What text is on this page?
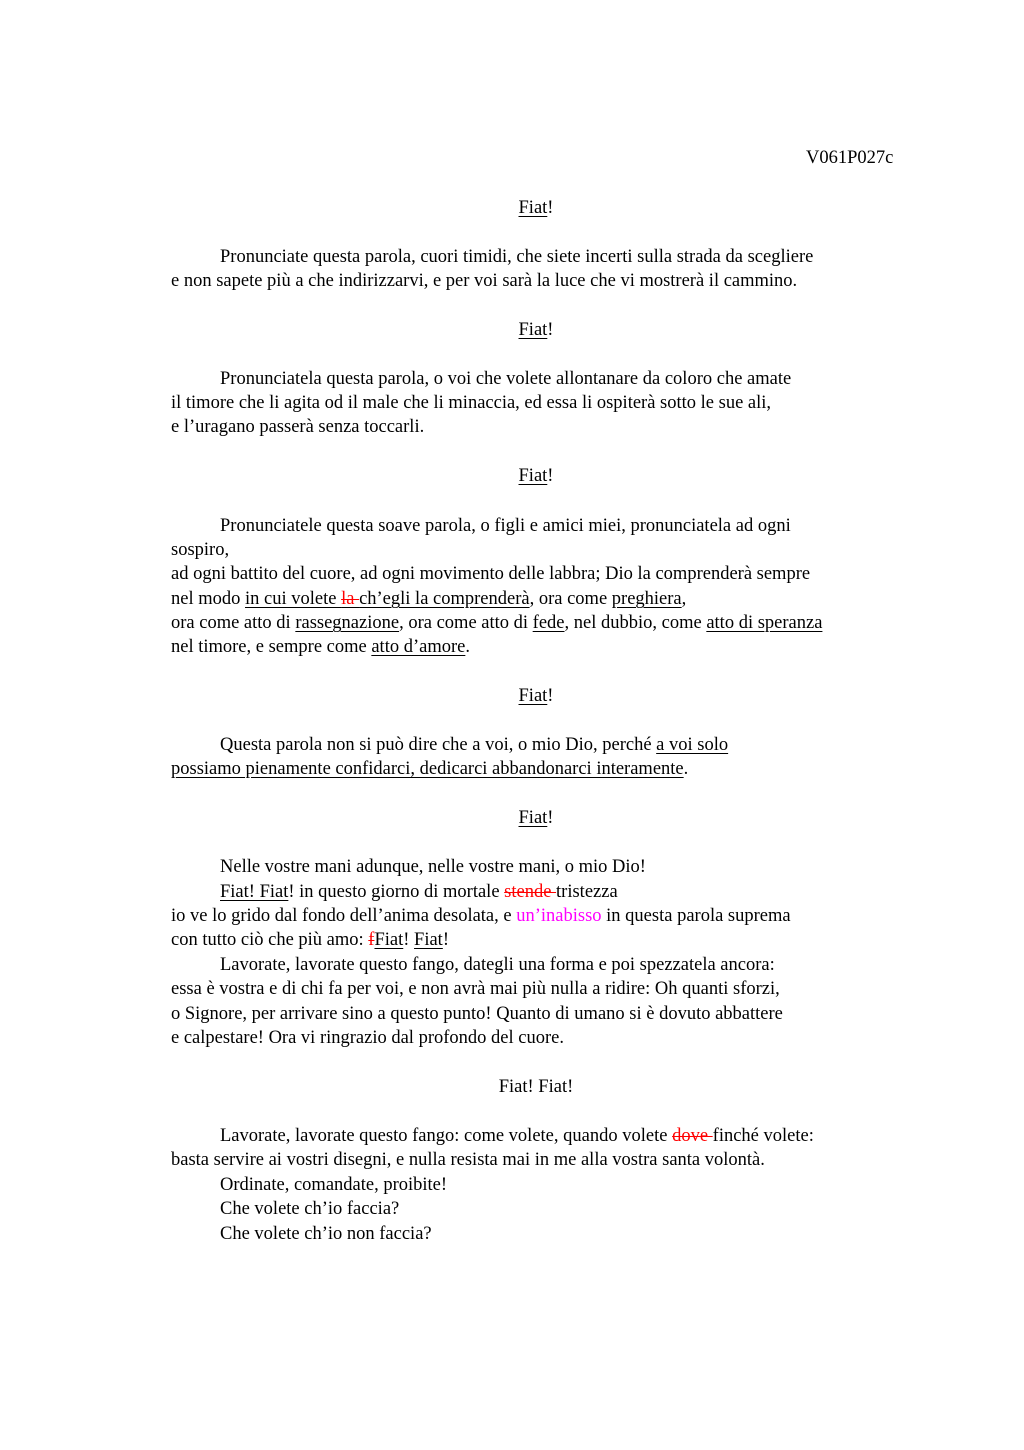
V061P027c
Fiat!
Pronunciate questa parola, cuori timidi, che siete incerti sulla strada da scegliere
e non sapete più a che indirizzarvi, e per voi sarà la luce che vi mostrerà il cammino.
Fiat!
Pronunciatela questa parola, o voi che volete allontanare da coloro che amate
il timore che li agita od il male che li minaccia, ed essa li ospiterà sotto le sue ali,
e l’uragano passerà senza toccarli.
Fiat!
Pronunciatele questa soave parola, o figli e amici miei, pronunciatela ad ogni
sospiro,
ad ogni battito del cuore, ad ogni movimento delle labbra; Dio la comprenderà sempre
nel modo in cui volete la ch’egli la comprenderà, ora come preghiera,
ora come atto di rassegnazione, ora come atto di fede, nel dubbio, come atto di speranza
nel timore, e sempre come atto d’amore.
Fiat!
Questa parola non si può dire che a voi, o mio Dio, perché a voi solo
possiamo pienamente confidarci, dedicarci abbandonarci interamente.
Fiat!
Nelle vostre mani adunque, nelle vostre mani, o mio Dio!
Fiat! Fiat! in questo giorno di mortale stende tristezza
io ve lo grido dal fondo dell’anima desolata, e un’inabisso in questa parola suprema
con tutto ciò che più amo: fFiat! Fiat!
Lavorate, lavorate questo fango, dategli una forma e poi spezzatela ancora:
essa è vostra e di chi fa per voi, e non avrà mai più nulla a ridire: Oh quanti sforzi,
o Signore, per arrivare sino a questo punto! Quanto di umano si è dovuto abbattere
e calpestare! Ora vi ringrazio dal profondo del cuore.
Fiat! Fiat!
Lavorate, lavorate questo fango: come volete, quando volete dove finché volete:
basta servire ai vostri disegni, e nulla resista mai in me alla vostra santa volontà.
Ordinate, comandate, proibite!
Che volete ch’io faccia?
Che volete ch’io non faccia?
